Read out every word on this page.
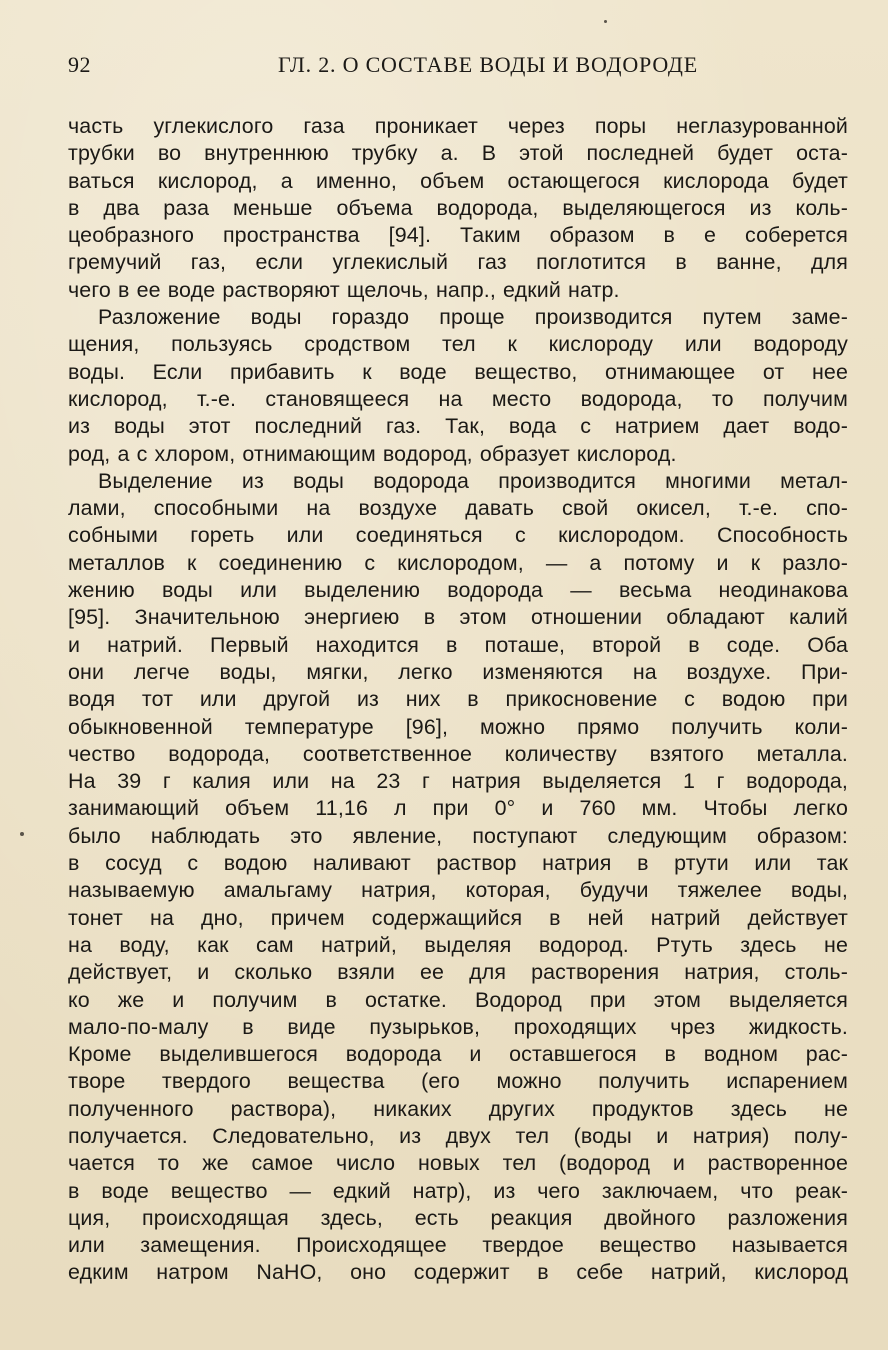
92	ГЛ. 2. О СОСТАВЕ ВОДЫ И ВОДОРОДЕ
часть углекислого газа проникает через поры неглазурованной
трубки во внутреннюю трубку a. В этой последней будет оста-
ваться кислород, а именно, объем остающегося кислорода будет
в два раза меньше объема водорода, выделяющегося из коль-
цеобразного пространства [94]. Таким образом в e соберется
гремучий газ, если углекислый газ поглотится в ванне, для
чего в ее воде растворяют щелочь, напр., едкий натр.
Разложение воды гораздо проще производится путем заме-
щения, пользуясь сродством тел к кислороду или водороду
воды. Если прибавить к воде вещество, отнимающее от нее
кислород, т.-е. становящееся на место водорода, то получим
из воды этот последний газ. Так, вода с натрием дает водо-
род, а с хлором, отнимающим водород, образует кислород.
Выделение из воды водорода производится многими метал-
лами, способными на воздухе давать свой окисел, т.-е. спо-
собными гореть или соединяться с кислородом. Способность
металлов к соединению с кислородом, — а потому и к разло-
жению воды или выделению водорода — весьма неодинакова
[95]. Значительною энергиею в этом отношении обладают калий
и натрий. Первый находится в поташе, второй в соде. Оба
они легче воды, мягки, легко изменяются на воздухе. При-
водя тот или другой из них в прикосновение с водою при
обыкновенной температуре [96], можно прямо получить коли-
чество водорода, соответственное количеству взятого металла.
На 39 г калия или на 23 г натрия выделяется 1 г водорода,
занимающий объем 11,16 л при 0° и 760 мм. Чтобы легко
было наблюдать это явление, поступают следующим образом:
в сосуд с водою наливают раствор натрия в ртути или так
называемую амальгаму натрия, которая, будучи тяжелее воды,
тонет на дно, причем содержащийся в ней натрий действует
на воду, как сам натрий, выделяя водород. Ртуть здесь не
действует, и сколько взяли ее для растворения натрия, столь-
ко же и получим в остатке. Водород при этом выделяется
мало-по-малу в виде пузырьков, проходящих чрез жидкость.
Кроме выделившегося водорода и оставшегося в водном рас-
творе твердого вещества (его можно получить испарением
полученного раствора), никаких других продуктов здесь не
получается. Следовательно, из двух тел (воды и натрия) полу-
чается то же самое число новых тел (водород и растворенное
в воде вещество — едкий натр), из чего заключаем, что реак-
ция, происходящая здесь, есть реакция двойного разложения
или замещения. Происходящее твердое вещество называется
едким натром NaHO, оно содержит в себе натрий, кислород
